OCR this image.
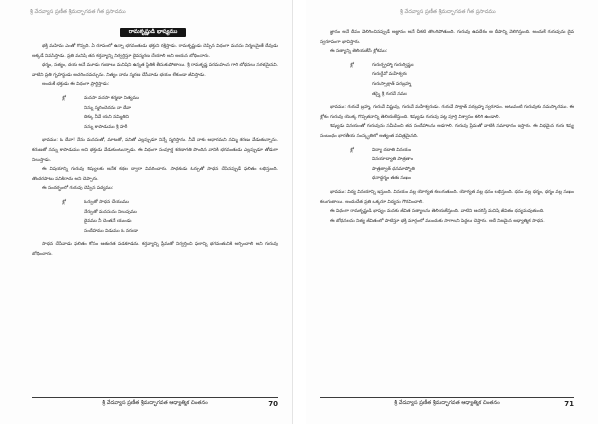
శ్రీ వేదవ్యాస ప్రణీత శ్రీమద్భాగవత గీత ప్రసాదము
రామకృష్ణుడి భాష్యము

భక్తి మహిమ ఎంతో గొప్పది. ఏ రూపంలో ఉన్నా భగవంతుడు భక్తుని రక్షిస్తాడు. రామకృష్ణుడు చెప్పిన విధంగా మనసు నిర్మలమైతే దేవుడు అక్కడే నివసిస్తాడు. ప్రతి మనిషి తన కర్తవ్యాన్ని నిర్వర్తిస్తూ దైవస్మరణ చేయాలి అని ఆయన బోధించారు.

ధర్మం, సత్యం, దయ అనే మూడు గుణాలు మనిషిని ఉన్నత స్థితికి తీసుకుపోతాయి. శ్రీ రామకృష్ణ పరమహంస గారి బోధనలు సరళమైనవి. వాటిని ప్రతి గృహస్థుడు ఆచరించవచ్చును. నిత్యం నామ స్మరణ చేసేవాడు భయం లేకుండా జీవిస్తాడు.

అందుకే భక్తుడు ఈ విధంగా ప్రార్థిస్తాడు:

శ్లో	మనసా వచసా కర్మణా నిత్యము
నిన్ను స్మరించెదను నా దేవా
దిక్కు నీవే యని నమ్మితిని
నన్ను కాపాడుము శ్రీ హరీ

భావము: ఓ దేవా! నేను మనసుతో, మాటతో, పనితో ఎల్లప్పుడూ నిన్నే స్మరిస్తాను. నీవే నాకు ఆధారమని నమ్మి శరణు వేడుతున్నాను. కరుణతో నన్ను కాపాడుము అని భక్తుడు వేడుకుంటున్నాడు. ఈ విధంగా సంపూర్ణ శరణాగతి పొందిన వానికి భగవంతుడు ఎల్లప్పుడూ తోడుగా నిలుస్తాడు.

ఈ విషయాన్ని గురువు శిష్యులకు అనేక కథల ద్వారా వివరించారు. సాధకుడు ఓర్పుతో సాధన చేసినప్పుడే ఫలితం లభిస్తుంది. తొందరపాటు పనికిరాదు అని చెప్పారు.

ఈ సందర్భంలో గురువు చెప్పిన పద్యము:

శ్లో	ఓర్పుతో సాధన చేయుము
నేర్పుతో మనసును నిలుపుము
దైవము నీ చెంతనే యుండు
సందేహము విడుము ఓ నరుడా

సాధన చేసేవాడు ఫలితం కోసం ఆతురత పడకూడదు. కర్తవ్యాన్ని ప్రేమతో నిర్వర్తించి ఫలాన్ని భగవంతునికి అర్పించాలి అని గురువు బోధించారు.

శ్రీ వేదవ్యాస ప్రణీత శ్రీమద్భాగవత ఆధ్యాత్మిక చింతనం	70
శ్రీ వేదవ్యాస ప్రణీత శ్రీమద్భాగవత గీత ప్రసాదము

జ్ఞానం అనే దీపం వెలిగించినప్పుడే అజ్ఞానం అనే చీకటి తొలగిపోతుంది. గురువు ఉపదేశం ఆ దీపాన్ని వెలిగిస్తుంది. అందుకే గురువును దైవ స్వరూపంగా భావిస్తారు.

ఈ సత్యాన్ని తెలియజేసే శ్లోకము:

శ్లో	గురుర్బ్రహ్మా గురుర్విష్ణుః
గురుర్దేవో మహేశ్వరః
గురుస్సాక్షాత్ పరబ్రహ్మ
తస్మై శ్రీ గురవే నమః

భావము: గురువే బ్రహ్మ, గురువే విష్ణువు, గురువే మహేశ్వరుడు. గురువే సాక్షాత్ పరబ్రహ్మ స్వరూపం. అటువంటి గురువుకు నమస్కారము. ఈ శ్లోకం గురువు యొక్క గొప్పతనాన్ని తెలియజేస్తుంది. శిష్యుడు గురువు పట్ల పూర్తి విశ్వాసం కలిగి ఉండాలి.

శిష్యుడు వినయంతో గురువును సమీపించి తన సందేహాలను అడగాలి. గురువు ప్రేమతో వాటికి సమాధానం ఇస్తారు. ఈ విధమైన గురు శిష్య సంబంధం భారతీయ సంస్కృతిలో అత్యంత పవిత్రమైనది.

శ్లో	విద్యా దదాతి వినయం
వినయాద్యాతి పాత్రతాం
పాత్రత్వాత్ ధనమాప్నోతి
ధనాద్ధర్మం తతః సుఖం

భావము: విద్య వినయాన్ని ఇస్తుంది. వినయం వల్ల యోగ్యత కలుగుతుంది. యోగ్యత వల్ల ధనం లభిస్తుంది. ధనం వల్ల ధర్మం, ధర్మం వల్ల సుఖం కలుగుతాయి. అందుచేత ప్రతి ఒక్కరూ విద్యను గౌరవించాలి.

ఈ విధంగా రామకృష్ణుడి భాష్యం మనకు జీవిత సత్యాలను తెలియజేస్తుంది. వాటిని ఆచరిస్తే మనిషి జీవితం ధన్యమవుతుంది.

ఈ బోధనలను నిత్య జీవితంలో పాటిస్తూ భక్తి మార్గంలో ముందుకు సాగాలని పెద్దలు చెప్తారు. అదే నిజమైన ఆధ్యాత్మిక సాధన.

శ్రీ వేదవ్యాస ప్రణీత శ్రీమద్భాగవత ఆధ్యాత్మిక చింతనం	71
